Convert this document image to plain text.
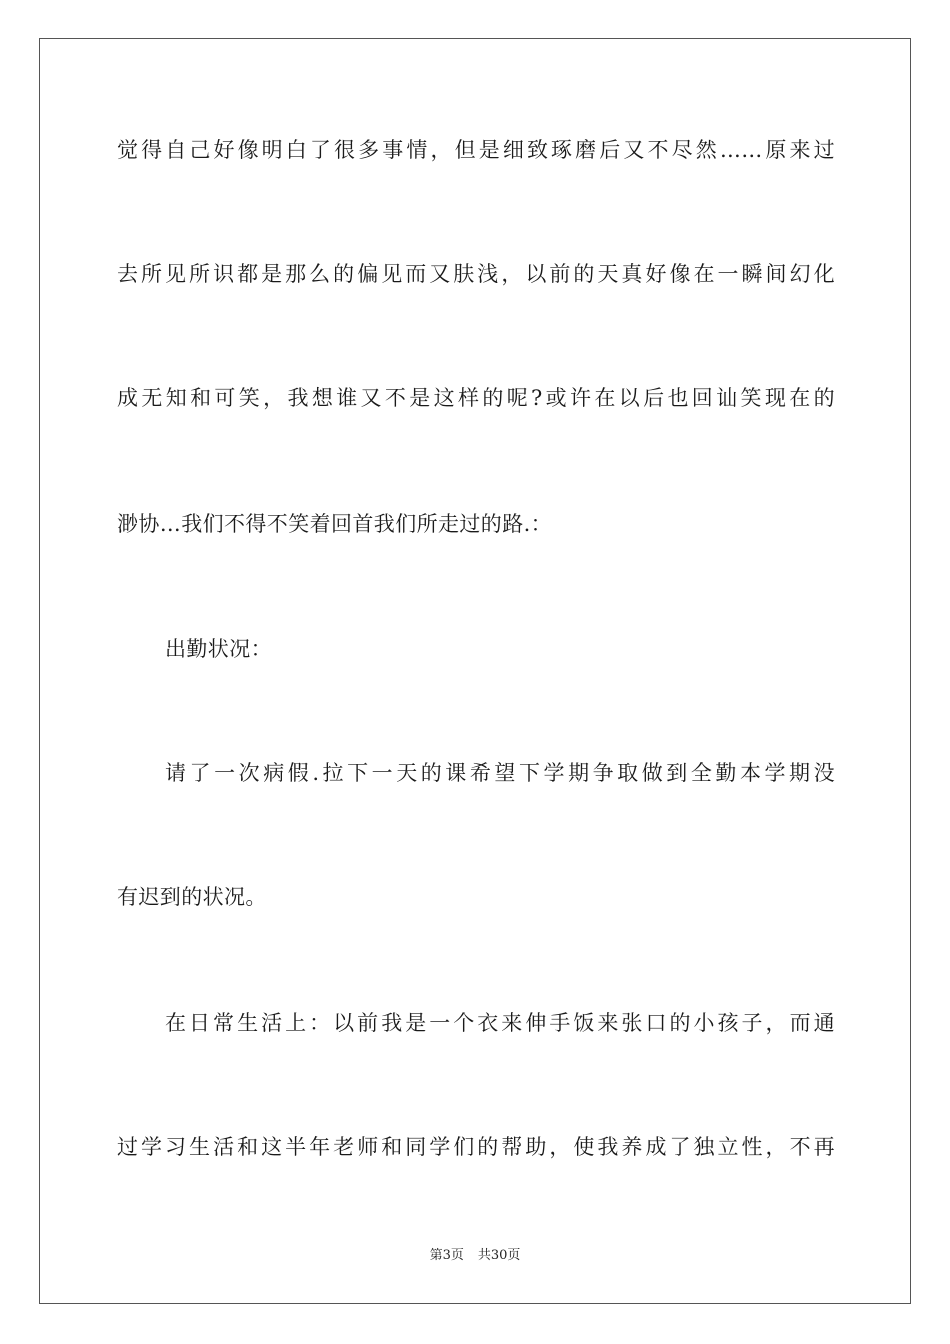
觉得自己好像明白了很多事情，但是细致琢磨后又不尽然……原来过
去所见所识都是那么的偏见而又肤浅，以前的天真好像在一瞬间幻化
成无知和可笑，我想谁又不是这样的呢?或许在以后也回讪笑现在的
渺协…我们不得不笑着回首我们所走过的路.：
出勤状况：
请了一次病假.拉下一天的课希望下学期争取做到全勤本学期没
有迟到的状况。
在日常生活上：以前我是一个衣来伸手饭来张口的小孩子，而通
过学习生活和这半年老师和同学们的帮助，使我养成了独立性，不再
第3页 共30页
